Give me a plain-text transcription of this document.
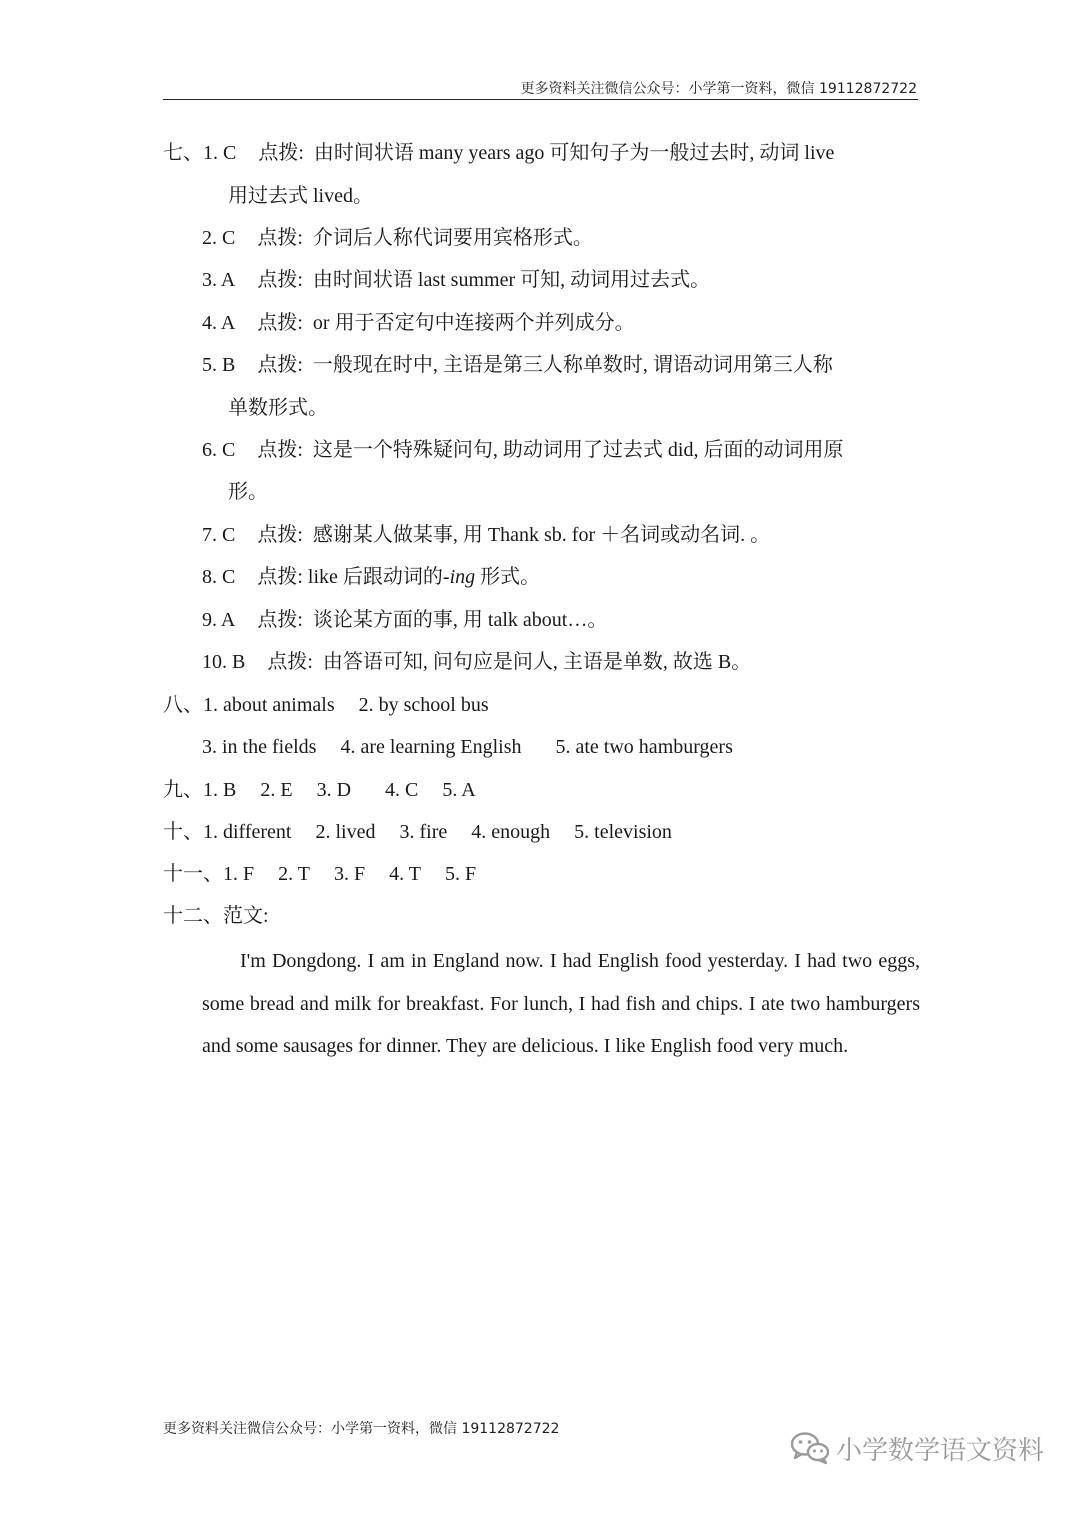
更多资料关注微信公众号：小学第一资料，微信 19112872722
七、1. C 点拨: 由时间状语 many years ago 可知句子为一般过去时, 动词 live
用过去式 lived。
2. C 点拨: 介词后人称代词要用宾格形式。
3. A 点拨: 由时间状语 last summer 可知, 动词用过去式。
4. A 点拨: or 用于否定句中连接两个并列成分。
5. B 点拨: 一般现在时中, 主语是第三人称单数时, 谓语动词用第三人称
单数形式。
6. C 点拨: 这是一个特殊疑问句, 助动词用了过去式 did, 后面的动词用原
形。
7. C 点拨: 感谢某人做某事, 用 Thank sb. for ＋名词或动名词. 。
8. C 点拨: like 后跟动词的-ing 形式。
9. A 点拨: 谈论某方面的事, 用 talk about…。
10. B 点拨: 由答语可知, 问句应是问人, 主语是单数, 故选 B。
八、1. about animals 2. by school bus
3. in the fields 4. are learning English 5. ate two hamburgers
九、1. B 2. E 3. D 4. C 5. A
十、1. different 2. lived 3. fire 4. enough 5. television
十一、1. F 2. T 3. F 4. T 5. F
十二、范文:
I'm Dongdong. I am in England now. I had English food yesterday. I had two eggs, some bread and milk for breakfast. For lunch, I had fish and chips. I ate two hamburgers and some sausages for dinner. They are delicious. I like English food very much.
更多资料关注微信公众号：小学第一资料，微信 19112872722
小学数学语文资料
